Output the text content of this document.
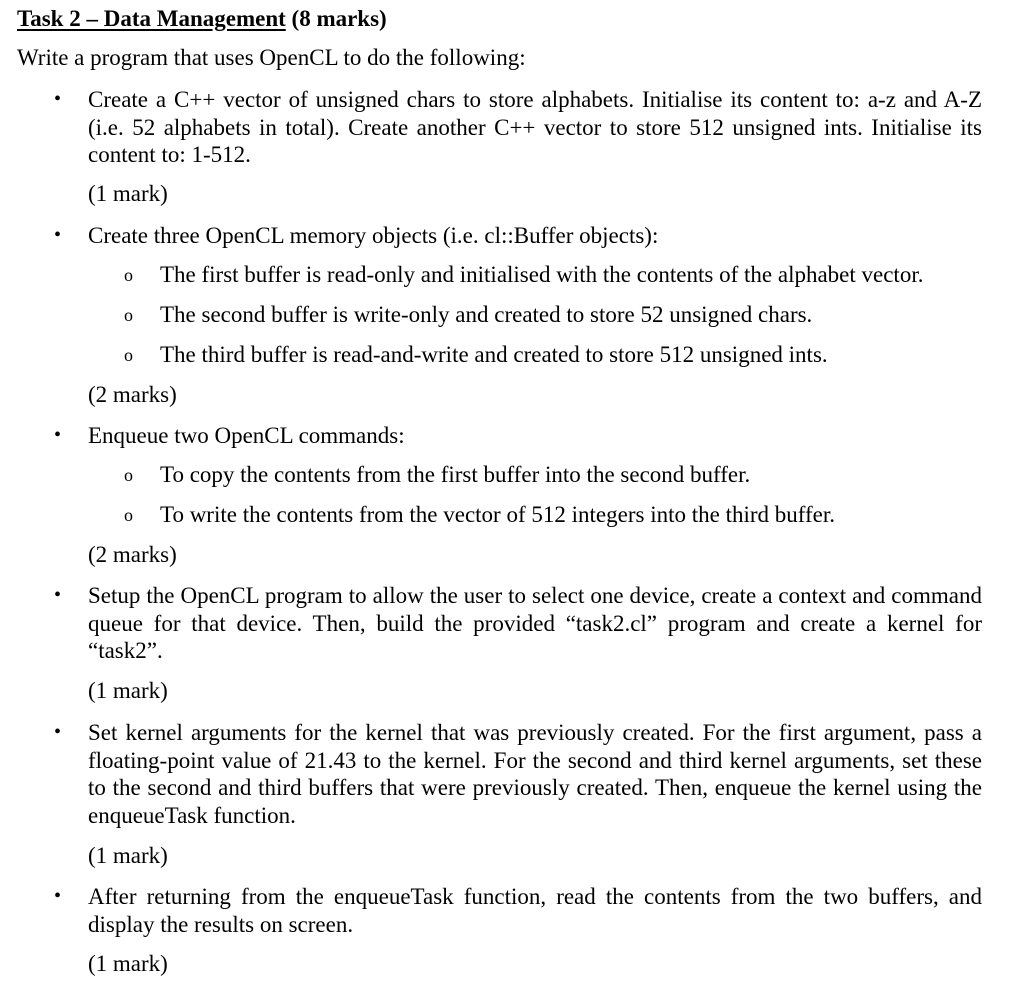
Task 2 – Data Management (8 marks)
Write a program that uses OpenCL to do the following:
• Create a C++ vector of unsigned chars to store alphabets. Initialise its content to: a-z and A-Z (i.e. 52 alphabets in total). Create another C++ vector to store 512 unsigned ints. Initialise its content to: 1-512.
(1 mark)
• Create three OpenCL memory objects (i.e. cl::Buffer objects):
o The first buffer is read-only and initialised with the contents of the alphabet vector.
o The second buffer is write-only and created to store 52 unsigned chars.
o The third buffer is read-and-write and created to store 512 unsigned ints.
(2 marks)
• Enqueue two OpenCL commands:
o To copy the contents from the first buffer into the second buffer.
o To write the contents from the vector of 512 integers into the third buffer.
(2 marks)
• Setup the OpenCL program to allow the user to select one device, create a context and command queue for that device. Then, build the provided “task2.cl” program and create a kernel for “task2”.
(1 mark)
• Set kernel arguments for the kernel that was previously created. For the first argument, pass a floating-point value of 21.43 to the kernel. For the second and third kernel arguments, set these to the second and third buffers that were previously created. Then, enqueue the kernel using the enqueueTask function.
(1 mark)
• After returning from the enqueueTask function, read the contents from the two buffers, and display the results on screen.
(1 mark)
